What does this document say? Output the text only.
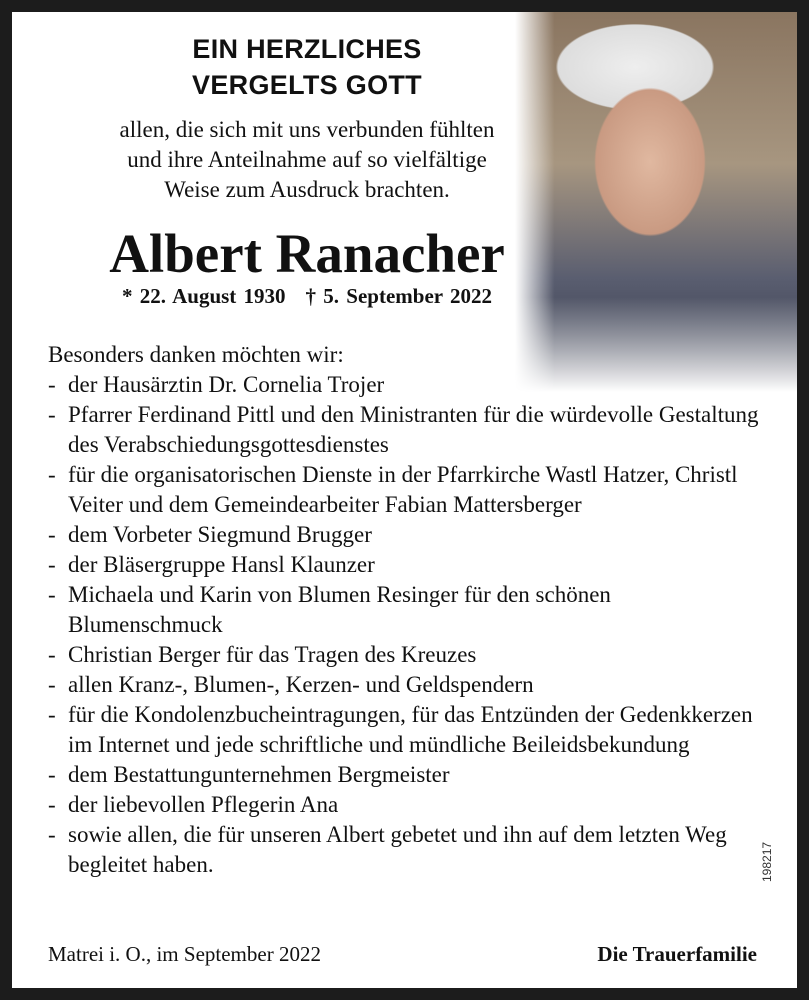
EIN HERZLICHES
VERGELTS GOTT
allen, die sich mit uns verbunden fühlten
und ihre Anteilnahme auf so vielfältige
Weise zum Ausdruck brachten.
Albert Ranacher
* 22. August 1930 † 5. September 2022
Besonders danken möchten wir:
- der Hausärztin Dr. Cornelia Trojer
- Pfarrer Ferdinand Pittl und den Ministranten für die würdevolle Gestaltung des Verabschiedungsgottesdienstes
- für die organisatorischen Dienste in der Pfarrkirche Wastl Hatzer, Christl Veiter und dem Gemeindearbeiter Fabian Mattersberger
- dem Vorbeter Siegmund Brugger
- der Bläsergruppe Hansl Klaunzer
- Michaela und Karin von Blumen Resinger für den schönen Blumenschmuck
- Christian Berger für das Tragen des Kreuzes
- allen Kranz-, Blumen-, Kerzen- und Geldspendern
- für die Kondolenzbucheintragungen, für das Entzünden der Gedenkkerzen im Internet und jede schriftliche und mündliche Beileidsbekundung
- dem Bestattungunternehmen Bergmeister
- der liebevollen Pflegerin Ana
- sowie allen, die für unseren Albert gebetet und ihn auf dem letzten Weg begleitet haben.
Matrei i. O., im September 2022	Die Trauerfamilie
198217
